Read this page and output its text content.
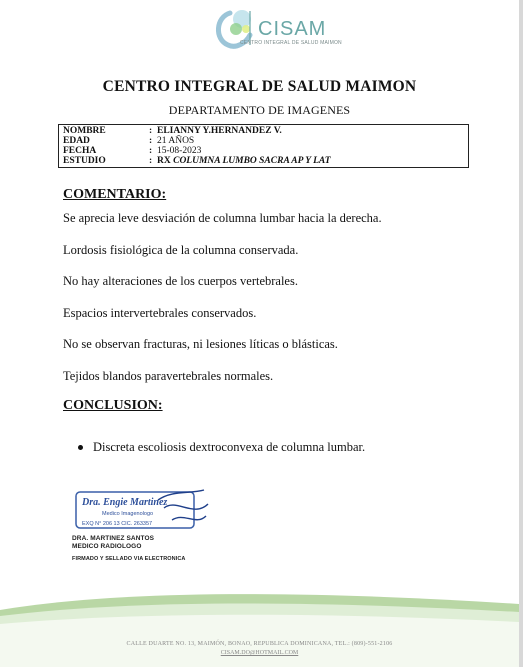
CISAM
CENTRO INTEGRAL DE SALUD MAIMON
CENTRO INTEGRAL DE SALUD MAIMON
DEPARTAMENTO DE IMAGENES
NOMBRE	: ELIANNY Y.HERNANDEZ V.
EDAD	: 21 AÑOS
FECHA	: 15-08-2023
ESTUDIO	: RX COLUMNA LUMBO SACRA AP Y LAT
COMENTARIO:
Se aprecia leve desviación de columna lumbar hacia la derecha.
Lordosis fisiológica de la columna conservada.
No hay alteraciones de los cuerpos vertebrales.
Espacios intervertebrales conservados.
No se observan fracturas, ni lesiones líticas o blásticas.
Tejidos blandos paravertebrales normales.
CONCLUSION:
Discreta escoliosis dextroconvexa de columna lumbar.
Dra. Engie Martinez
Medico Imagenologo
EXQ N° 206 13 CIC. 263357
DRA. MARTINEZ SANTOS
MEDICO RADIOLOGO
FIRMADO Y SELLADO VIA ELECTRONICA
CALLE DUARTE NO. 13, MAIMÓN, BONAO, REPUBLICA DOMINICANA, TEL.: (809)-551-2106
CISAM.DO@HOTMAIL.COM
